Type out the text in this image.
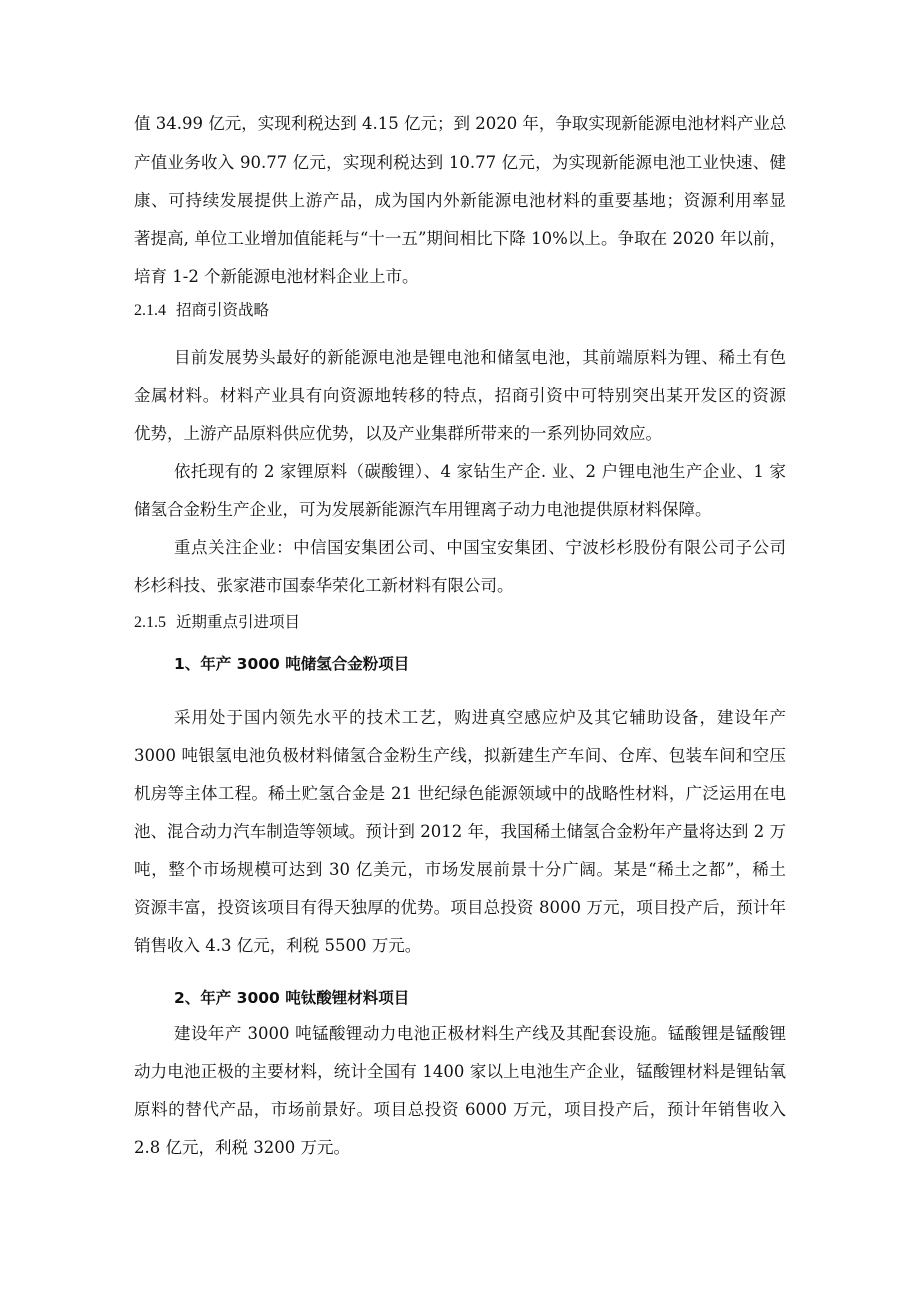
值 34.99 亿元，实现利税达到 4.15 亿元；到 2020 年，争取实现新能源电池材料产业总
产值业务收入 90.77 亿元，实现利税达到 10.77 亿元，为实现新能源电池工业快速、健
康、可持续发展提供上游产品，成为国内外新能源电池材料的重要基地；资源利用率显
著提高, 单位工业增加值能耗与“十一五”期间相比下降 10%以上。争取在 2020 年以前，
培育 1-2 个新能源电池材料企业上市。
2.1.4 招商引资战略
目前发展势头最好的新能源电池是锂电池和储氢电池，其前端原料为锂、稀土有色
金属材料。材料产业具有向资源地转移的特点，招商引资中可特别突出某开发区的资源
优势，上游产品原料供应优势，以及产业集群所带来的一系列协同效应。
依托现有的 2 家锂原料（碳酸锂）、4 家钻生产企. 业、2 户锂电池生产企业、1 家
储氢合金粉生产企业，可为发展新能源汽车用锂离子动力电池提供原材料保障。
重点关注企业：中信国安集团公司、中国宝安集团、宁波杉杉股份有限公司子公司
杉杉科技、张家港市国泰华荣化工新材料有限公司。
2.1.5 近期重点引进项目
1、年产 3000 吨储氢合金粉项目
采用处于国内领先水平的技术工艺，购进真空感应炉及其它辅助设备，建设年产
3000 吨银氢电池负极材料储氢合金粉生产线，拟新建生产车间、仓库、包装车间和空压
机房等主体工程。稀土贮氢合金是 21 世纪绿色能源领域中的战略性材料，广泛运用在电
池、混合动力汽车制造等领域。预计到 2012 年，我国稀土储氢合金粉年产量将达到 2 万
吨，整个市场规模可达到 30 亿美元，市场发展前景十分广阔。某是“稀土之都”，稀土
资源丰富，投资该项目有得天独厚的优势。项目总投资 8000 万元，项目投产后，预计年
销售收入 4.3 亿元，利税 5500 万元。
2、年产 3000 吨钛酸锂材料项目
建设年产 3000 吨锰酸锂动力电池正极材料生产线及其配套设施。锰酸锂是锰酸锂
动力电池正极的主要材料，统计全国有 1400 家以上电池生产企业，锰酸锂材料是锂钻氧
原料的替代产品，市场前景好。项目总投资 6000 万元，项目投产后，预计年销售收入
2.8 亿元，利税 3200 万元。
